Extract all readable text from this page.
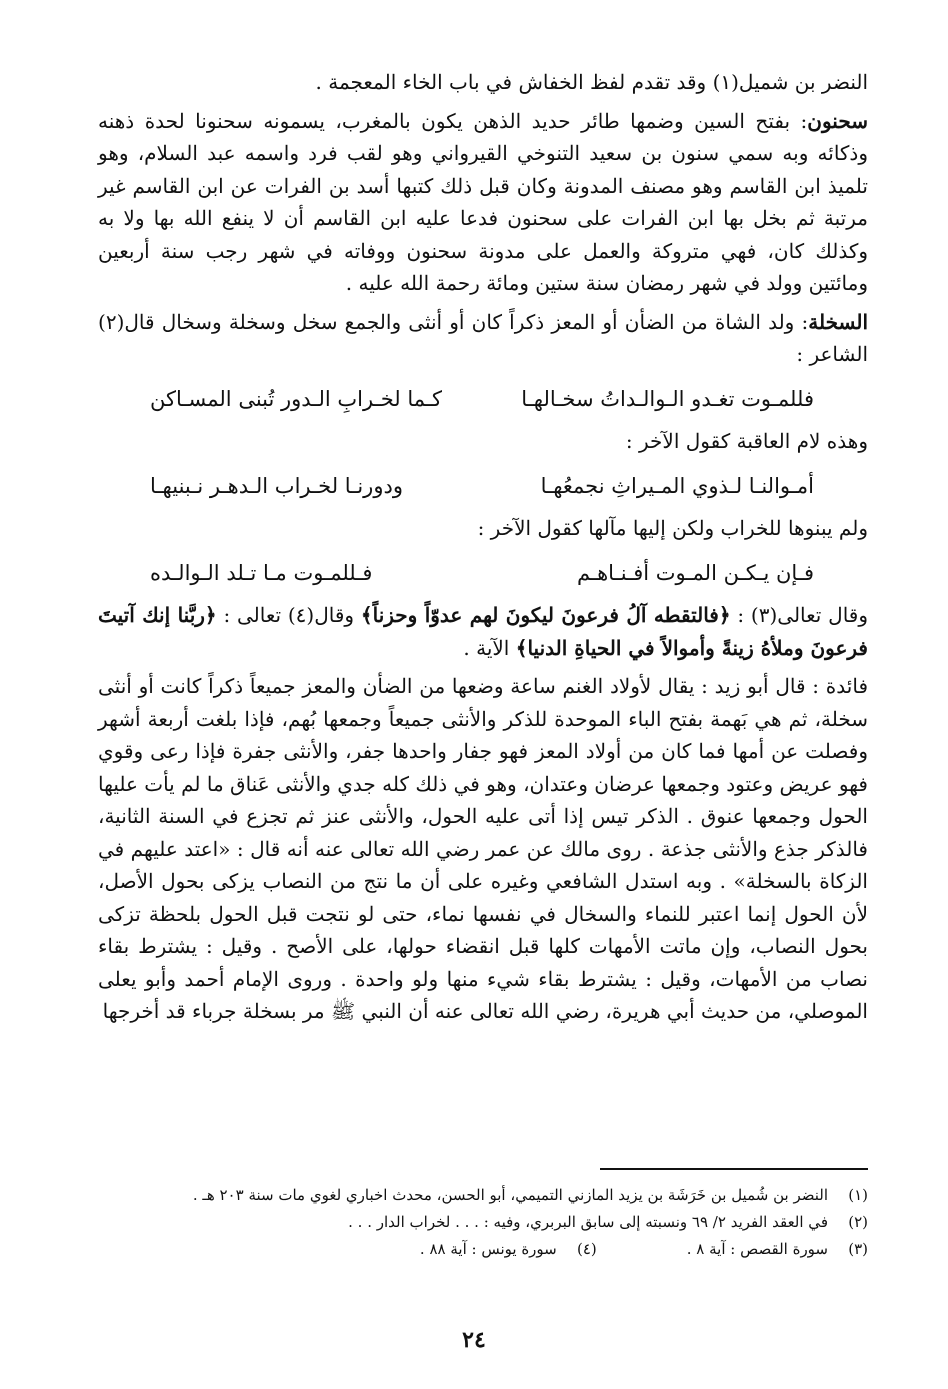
النضر بن شميل(١) وقد تقدم لفظ الخفاش في باب الخاء المعجمة .

سحنون: بفتح السين وضمها طائر حديد الذهن يكون بالمغرب، يسمونه سحنونا لحدة ذهنه وذكائه وبه سمي سنون بن سعيد التنوخي القيرواني وهو لقب فرد واسمه عبد السلام، وهو تلميذ ابن القاسم وهو مصنف المدونة وكان قبل ذلك كتبها أسد بن الفرات عن ابن القاسم غير مرتبة ثم بخل بها ابن الفرات على سحنون فدعا عليه ابن القاسم أن لا ينفع الله بها ولا به وكذلك كان، فهي متروكة والعمل على مدونة سحنون ووفاته في شهر رجب سنة أربعين ومائتين وولد في شهر رمضان سنة ستين ومائة رحمة الله عليه .

السخلة: ولد الشاة من الضأن أو المعز ذكراً كان أو أنثى والجمع سخل وسخلة وسخال قال(٢) الشاعر :

فللمـوت تغـدو الـوالـداتُ سخـالهـا
كـما لخـرابِ الـدور تُبنى المسـاكن

وهذه لام العاقبة كقول الآخر :

أمـوالنـا لـذوي المـيراثِ نجمعُهـا
ودورنـا لخـراب الـدهـر نـبنيهـا

ولم يبنوها للخراب ولكن إليها مآلها كقول الآخر :

فـإن يـكـن المـوت أفـنـاهـم
فـللمـوت مـا تـلد الـوالـده

وقال تعالى(٣) : ﴿فالتقطه آلُ فرعونَ ليكونَ لهم عدوّاً وحزناً﴾ وقال(٤) تعالى : ﴿ربَّنا إنك آتيتَ فرعونَ وملأهُ زينةً وأموالاً في الحياةِ الدنيا﴾ الآية .

فائدة : قال أبو زيد : يقال لأولاد الغنم ساعة وضعها من الضأن والمعز جميعاً ذكراً كانت أو أنثى سخلة، ثم هي بَهمة بفتح الباء الموحدة للذكر والأنثى جميعاً وجمعها بُهم، فإذا بلغت أربعة أشهر وفصلت عن أمها فما كان من أولاد المعز فهو جفار واحدها جفر، والأنثى جفرة فإذا رعى وقوي فهو عريض وعتود وجمعها عرضان وعتدان، وهو في ذلك كله جدي والأنثى عَناق ما لم يأت عليها الحول وجمعها عنوق . الذكر تيس إذا أتى عليه الحول، والأنثى عنز ثم تجزع في السنة الثانية، فالذكر جذع والأنثى جذعة . روى مالك عن عمر رضي الله تعالى عنه أنه قال : «اعتد عليهم في الزكاة بالسخلة» . وبه استدل الشافعي وغيره على أن ما نتج من النصاب يزكى بحول الأصل، لأن الحول إنما اعتبر للنماء والسخال في نفسها نماء، حتى لو نتجت قبل الحول بلحظة تزكى بحول النصاب، وإن ماتت الأمهات كلها قبل انقضاء حولها، على الأصح . وقيل : يشترط بقاء نصاب من الأمهات، وقيل : يشترط بقاء شيء منها ولو واحدة . وروى الإمام أحمد وأبو يعلى الموصلي، من حديث أبي هريرة، رضي الله تعالى عنه أن النبي ﷺ مر بسخلة جرباء قد أخرجها

(١)النضر بن شُميل بن خَرَشَة بن يزيد المازني التميمي، أبو الحسن، محدث اخباري لغوي مات سنة ٢٠٣ هـ .

(٢)في العقد الفريد ٢/ ٦٩ ونسبته إلى سابق البربري، وفيه : . . . لخراب الدار . . .

(٣)سورة القصص : آية ٨ .

(٤)سورة يونس : آية ٨٨ .

٢٤
